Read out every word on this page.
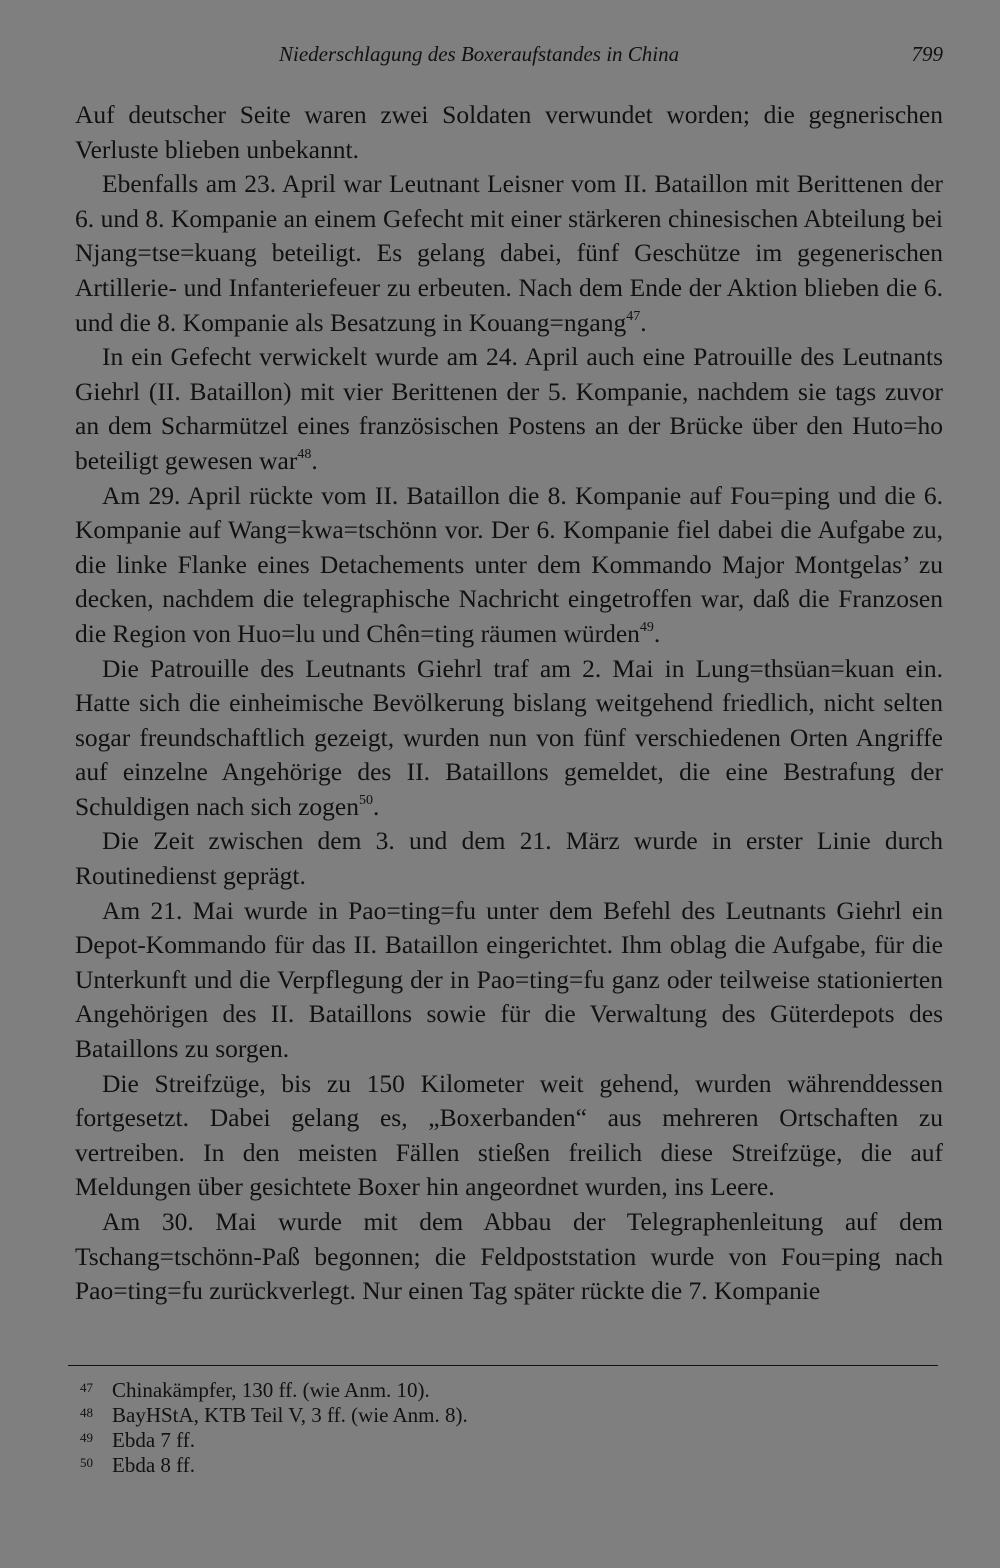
Niederschlagung des Boxeraufstandes in China	799

Auf deutscher Seite waren zwei Soldaten verwundet worden; die gegnerischen Verluste blieben unbekannt.

Ebenfalls am 23. April war Leutnant Leisner vom II. Bataillon mit Berittenen der 6. und 8. Kompanie an einem Gefecht mit einer stärkeren chinesischen Abteilung bei Njang=tse=kuang beteiligt. Es gelang dabei, fünf Geschütze im gegenerischen Artillerie- und Infanteriefeuer zu erbeuten. Nach dem Ende der Aktion blieben die 6. und die 8. Kompanie als Besatzung in Kouang=ngang$^{47}$.

In ein Gefecht verwickelt wurde am 24. April auch eine Patrouille des Leutnants Giehrl (II. Bataillon) mit vier Berittenen der 5. Kompanie, nachdem sie tags zuvor an dem Scharmützel eines französischen Postens an der Brücke über den Huto=ho beteiligt gewesen war$^{48}$.

Am 29. April rückte vom II. Bataillon die 8. Kompanie auf Fou=ping und die 6. Kompanie auf Wang=kwa=tschönn vor. Der 6. Kompanie fiel dabei die Aufgabe zu, die linke Flanke eines Detachements unter dem Kommando Major Montgelas’ zu decken, nachdem die telegraphische Nachricht eingetroffen war, daß die Franzosen die Region von Huo=lu und Chên=ting räumen würden$^{49}$.

Die Patrouille des Leutnants Giehrl traf am 2. Mai in Lung=thsüan=kuan ein. Hatte sich die einheimische Bevölkerung bislang weitgehend friedlich, nicht selten sogar freundschaftlich gezeigt, wurden nun von fünf verschiedenen Orten Angriffe auf einzelne Angehörige des II. Bataillons gemeldet, die eine Bestrafung der Schuldigen nach sich zogen$^{50}$.

Die Zeit zwischen dem 3. und dem 21. März wurde in erster Linie durch Routinedienst geprägt.

Am 21. Mai wurde in Pao=ting=fu unter dem Befehl des Leutnants Giehrl ein Depot-Kommando für das II. Bataillon eingerichtet. Ihm oblag die Aufgabe, für die Unterkunft und die Verpflegung der in Pao=ting=fu ganz oder teilweise stationierten Angehörigen des II. Bataillons sowie für die Verwaltung des Güterdepots des Bataillons zu sorgen.

Die Streifzüge, bis zu 150 Kilometer weit gehend, wurden währenddessen fortgesetzt. Dabei gelang es, „Boxerbanden“ aus mehreren Ortschaften zu vertreiben. In den meisten Fällen stießen freilich diese Streifzüge, die auf Meldungen über gesichtete Boxer hin angeordnet wurden, ins Leere.

Am 30. Mai wurde mit dem Abbau der Telegraphenleitung auf dem Tschang=tschönn-Paß begonnen; die Feldpoststation wurde von Fou=ping nach Pao=ting=fu zurückverlegt. Nur einen Tag später rückte die 7. Kompanie

47 Chinakämpfer, 130 ff. (wie Anm. 10).
48 BayHStA, KTB Teil V, 3 ff. (wie Anm. 8).
49 Ebda 7 ff.
50 Ebda 8 ff.
